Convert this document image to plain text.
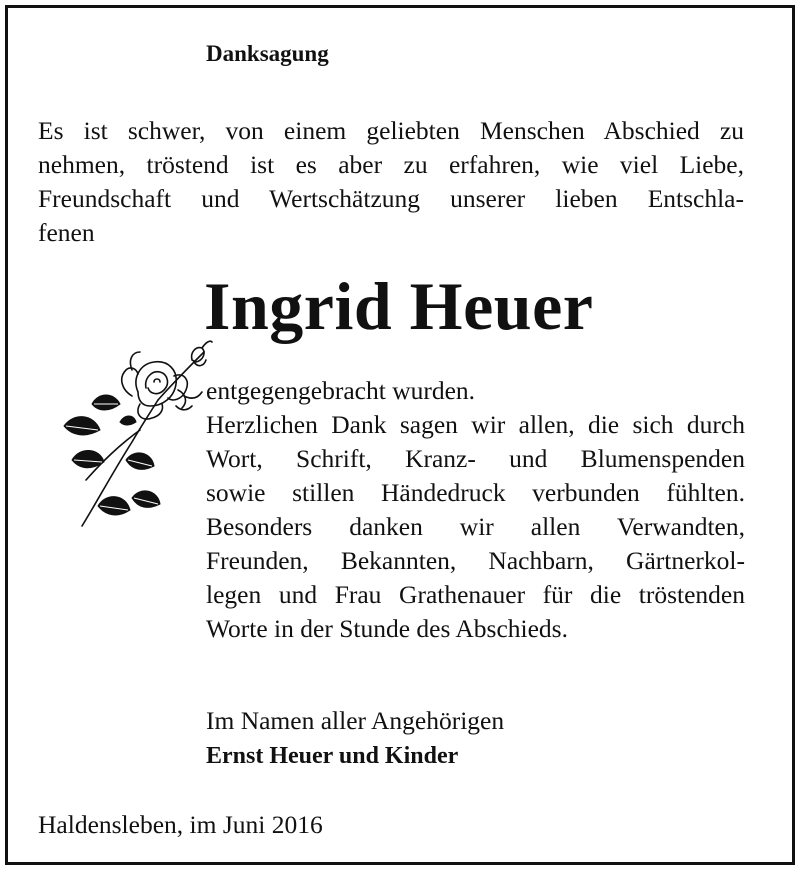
Danksagung
Es ist schwer, von einem geliebten Menschen Abschied zu
nehmen, tröstend ist es aber zu erfahren, wie viel Liebe,
Freundschaft und Wertschätzung unserer lieben Entschla-
fenen
Ingrid Heuer
entgegengebracht wurden.
Herzlichen Dank sagen wir allen, die sich durch
Wort, Schrift, Kranz- und Blumenspenden
sowie stillen Händedruck verbunden fühlten.
Besonders danken wir allen Verwandten,
Freunden, Bekannten, Nachbarn, Gärtnerkol-
legen und Frau Grathenauer für die tröstenden
Worte in der Stunde des Abschieds.
Im Namen aller Angehörigen
Ernst Heuer und Kinder
Haldensleben, im Juni 2016
